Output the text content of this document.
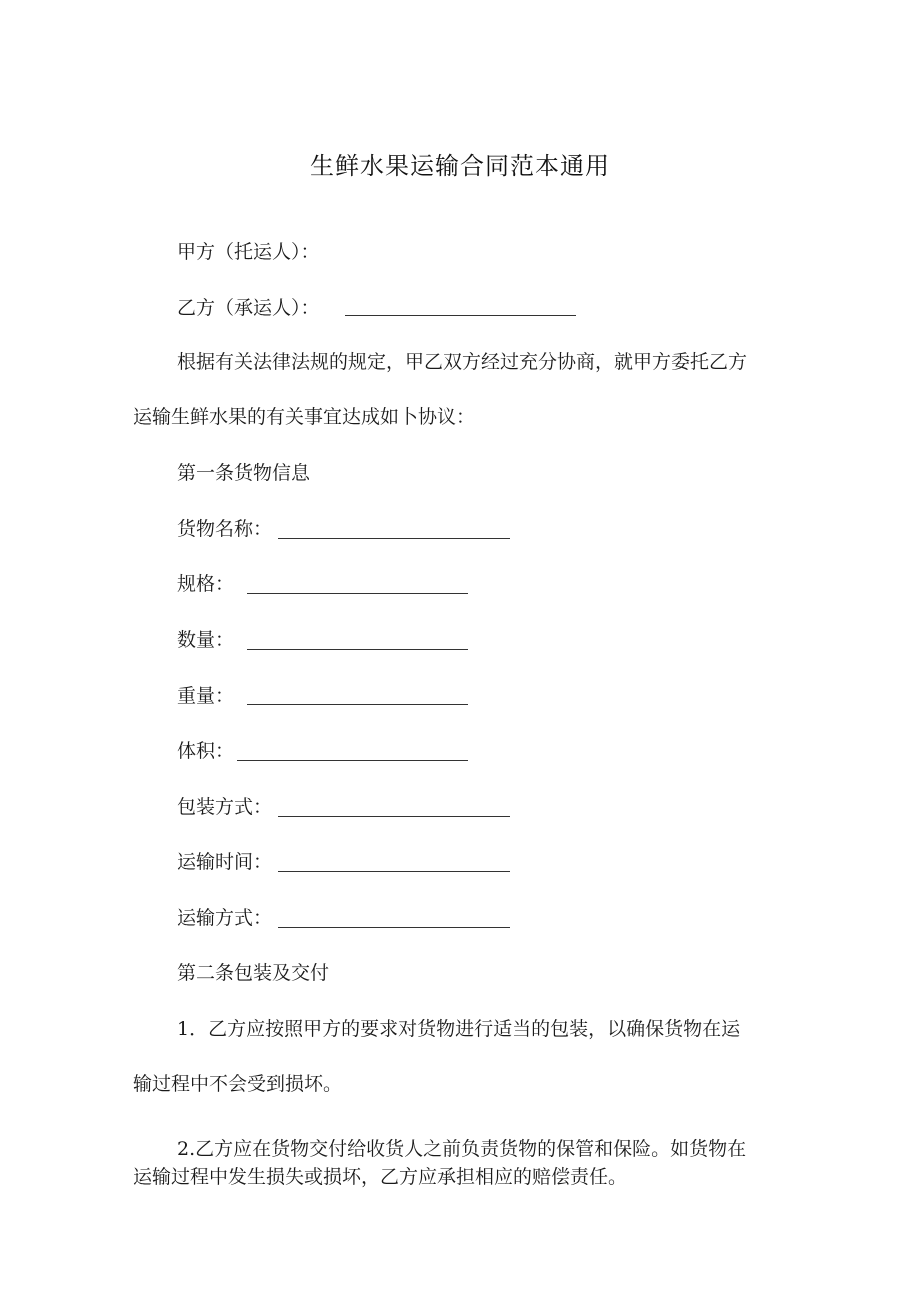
生鲜水果运输合同范本通用

甲方（托运人）：

乙方（承运人）：

根据有关法律法规的规定，甲乙双方经过充分协商，就甲方委托乙方

运输生鲜水果的有关事宜达成如卜协议：

第一条货物信息

货物名称：

规格：

数量：

重量：

体积：

包装方式：

运输时间：

运输方式：

第二条包装及交付

1．乙方应按照甲方的要求对货物进行适当的包装，以确保货物在运

输过程中不会受到损坏。

2.乙方应在货物交付给收货人之前负责货物的保管和保险。如货物在

运输过程中发生损失或损坏，乙方应承担相应的赔偿责任。
